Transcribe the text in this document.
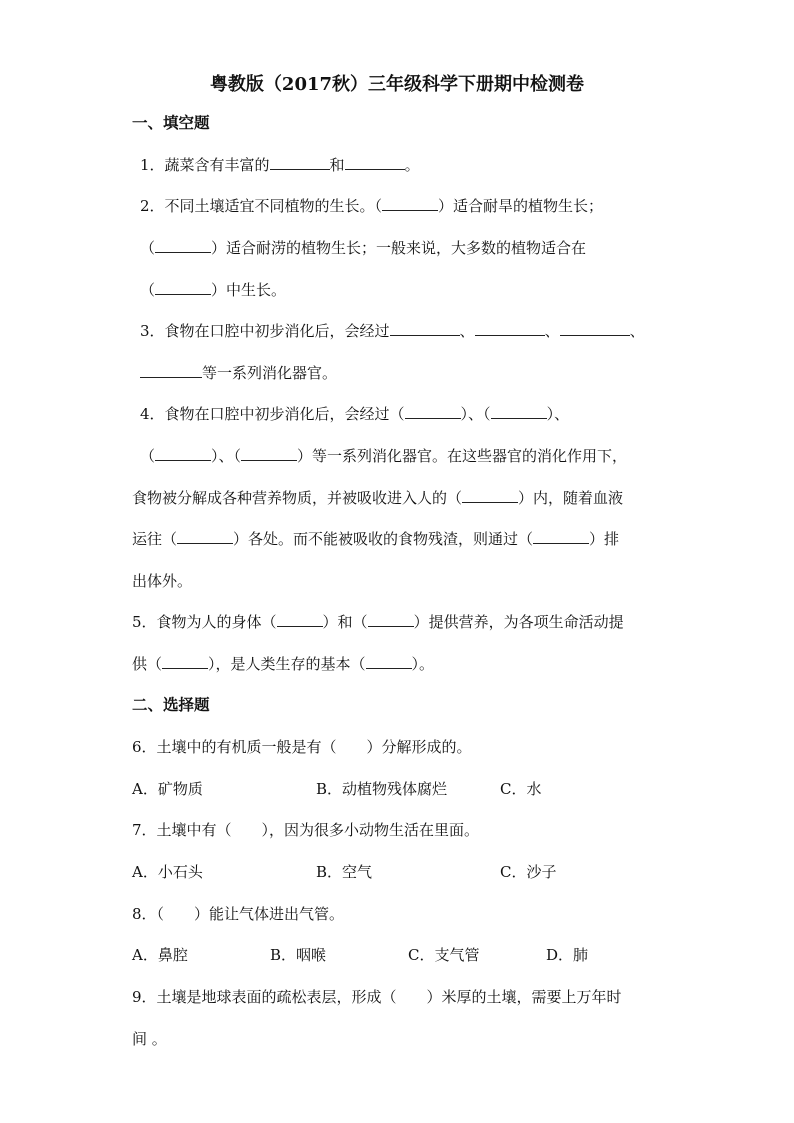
粤教版（2017秋）三年级科学下册期中检测卷
一、填空题
1．蔬菜含有丰富的	和	。
2．不同土壤适宜不同植物的生长。（	）适合耐旱的植物生长；
（	）适合耐涝的植物生长；一般来说，大多数的植物适合在
（	）中生长。
3．食物在口腔中初步消化后，会经过	、	、	、
等一系列消化器官。
4．食物在口腔中初步消化后，会经过（	）、（	）、
（	）、（	）等一系列消化器官。在这些器官的消化作用下，
食物被分解成各种营养物质，并被吸收进入人的（	）内，随着血液
运往（	）各处。而不能被吸收的食物残渣，则通过（	）排
出体外。
5．食物为人的身体（	）和（	）提供营养，为各项生命活动提
供（	），是人类生存的基本（	）。
二、选择题
6．土壤中的有机质一般是有（　　）分解形成的。
A．矿物质	B．动植物残体腐烂	C．水
7．土壤中有（　　），因为很多小动物生活在里面。
A．小石头	B．空气	C．沙子
8．（　　）能让气体进出气管。
A．鼻腔	B．咽喉	C．支气管	D．肺
9．土壤是地球表面的疏松表层，形成（　　）米厚的土壤，需要上万年时
间 。
